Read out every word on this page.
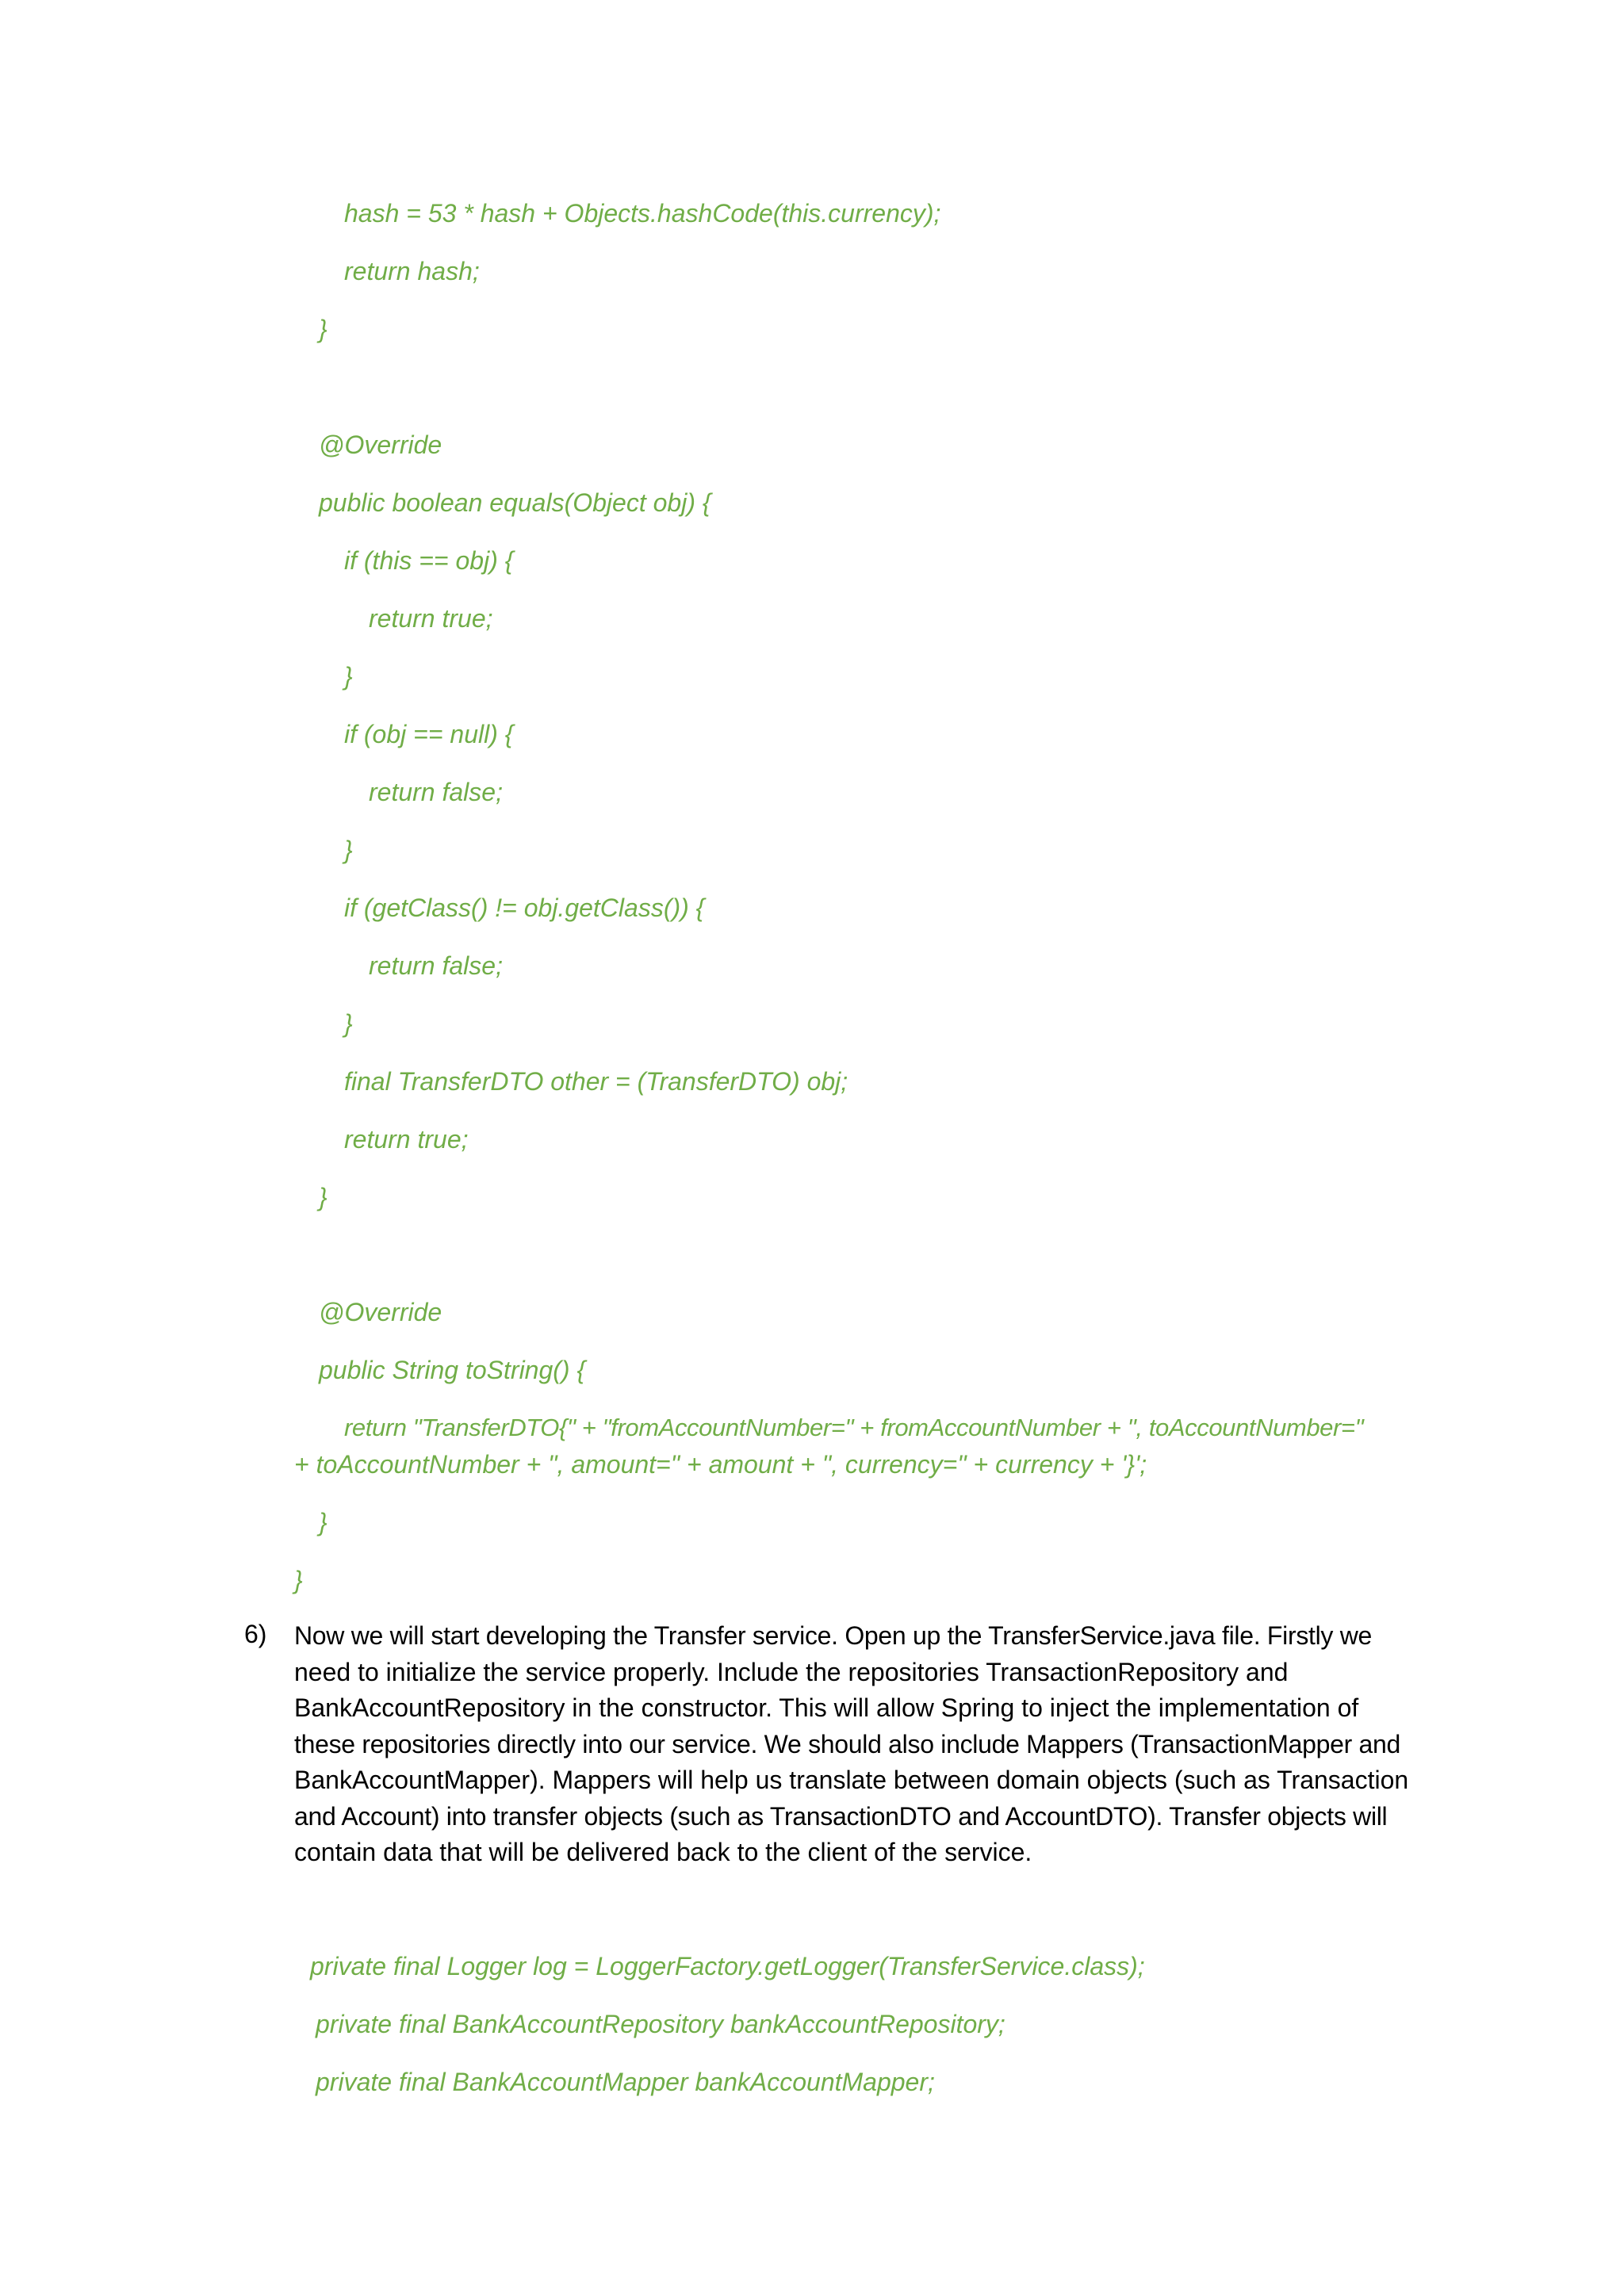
hash = 53 * hash + Objects.hashCode(this.currency);
return hash;
}
@Override
public boolean equals(Object obj) {
if (this == obj) {
return true;
}
if (obj == null) {
return false;
}
if (getClass() != obj.getClass()) {
return false;
}
final TransferDTO other = (TransferDTO) obj;
return true;
}
@Override
public String toString() {
return "TransferDTO{" + "fromAccountNumber=" + fromAccountNumber + ", toAccountNumber="
+ toAccountNumber + ", amount=" + amount + ", currency=" + currency + '}';
}
}
6) Now we will start developing the Transfer service. Open up the TransferService.java file. Firstly we
need to initialize the service properly. Include the repositories TransactionRepository and
BankAccountRepository in the constructor. This will allow Spring to inject the implementation of
these repositories directly into our service. We should also include Mappers (TransactionMapper and
BankAccountMapper). Mappers will help us translate between domain objects (such as Transaction
and Account) into transfer objects (such as TransactionDTO and AccountDTO). Transfer objects will
contain data that will be delivered back to the client of the service.
private final Logger log = LoggerFactory.getLogger(TransferService.class);
private final BankAccountRepository bankAccountRepository;
private final BankAccountMapper bankAccountMapper;
